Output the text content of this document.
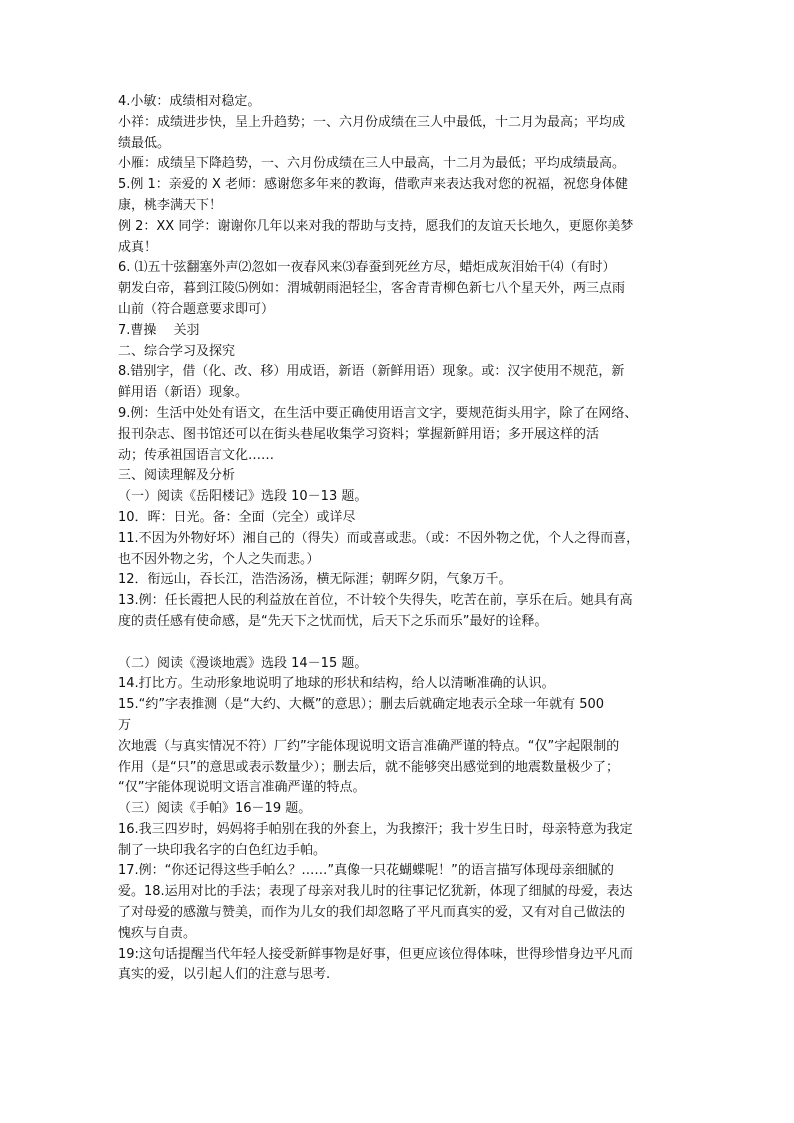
4.小敏：成绩相对稳定。
小祥：成绩进步快，呈上升趋势；一、六月份成绩在三人中最低，十二月为最高；平均成
绩最低。
小雁：成绩呈下降趋势，一、六月份成绩在三人中最高，十二月为最低；平均成绩最高。
5.例 1：亲爱的 X 老师：感谢您多年来的教诲，借歌声来表达我对您的祝福，祝您身体健
康，桃李满天下！
例 2：XX 同学：谢谢你几年以来对我的帮助与支持，愿我们的友谊天长地久，更愿你美梦
成真！
6. ⑴五十弦翻塞外声⑵忽如一夜春风来⑶春蚕到死丝方尽，蜡炬成灰泪始干⑷（有时）
朝发白帝，暮到江陵⑸例如：渭城朝雨浥轻尘，客舍青青柳色新七八个星天外，两三点雨
山前（符合题意要求即可）
7.曹操　 关羽
二、综合学习及探究
8.错别字，借（化、改、移）用成语，新语（新鲜用语）现象。或：汉字使用不规范，新
鲜用语（新语）现象。
9.例：生活中处处有语文，在生活中要正确使用语言文字，要规范街头用字，除了在网络、
报刊杂志、图书馆还可以在街头巷尾收集学习资料；掌握新鲜用语；多开展这样的活
动；传承祖国语言文化……
三、阅读理解及分析
（一）阅读《岳阳楼记》选段 10－13 题。
10．晖：日光。备：全面（完全）或详尽
11.不因为外物好坏）湘自己的（得失）而或喜或悲。（或：不因外物之优，个人之得而喜，
也不因外物之劣，个人之失而悲。）
12．衔远山，吞长江，浩浩汤汤，横无际涯；朝晖夕阴，气象万千。
13.例：任长霞把人民的利益放在首位，不计较个失得失，吃苦在前，享乐在后。她具有高
度的责任感有使命感，是“先天下之忧而忧，后天下之乐而乐”最好的诠释。
（二）阅读《漫谈地震》选段 14－15 题。
14.打比方。生动形象地说明了地球的形状和结构，给人以清晰准确的认识。
15.“约”字表推测（是“大约、大概”的意思）；删去后就确定地表示全球一年就有 500
万
次地震（与真实情况不符）厂约”字能体现说明文语言准确严谨的特点。“仅”字起限制的
作用（是“只”的意思或表示数量少）；删去后，就不能够突出感觉到的地震数量极少了；
“仅”字能体现说明文语言准确严谨的特点。
（三）阅读《手帕》16－19 题。
16.我三四岁时，妈妈将手帕别在我的外套上，为我擦汗；我十岁生日时，母亲特意为我定
制了一块印我名字的白色红边手帕。
17.例：“你还记得这些手帕么？……”真像一只花蝴蝶呢！”的语言描写体现母亲细腻的
爱。18.运用对比的手法；表现了母亲对我儿时的往事记忆犹新，体现了细腻的母爱，表达
了对母爱的感激与赞美，而作为儿女的我们却忽略了平凡而真实的爱，又有对自己做法的
愧疚与自责。
19:这句话提醒当代年轻人接受新鲜事物是好事，但更应该位得体味，世得珍惜身边平凡而
真实的爱，以引起人们的注意与思考.
